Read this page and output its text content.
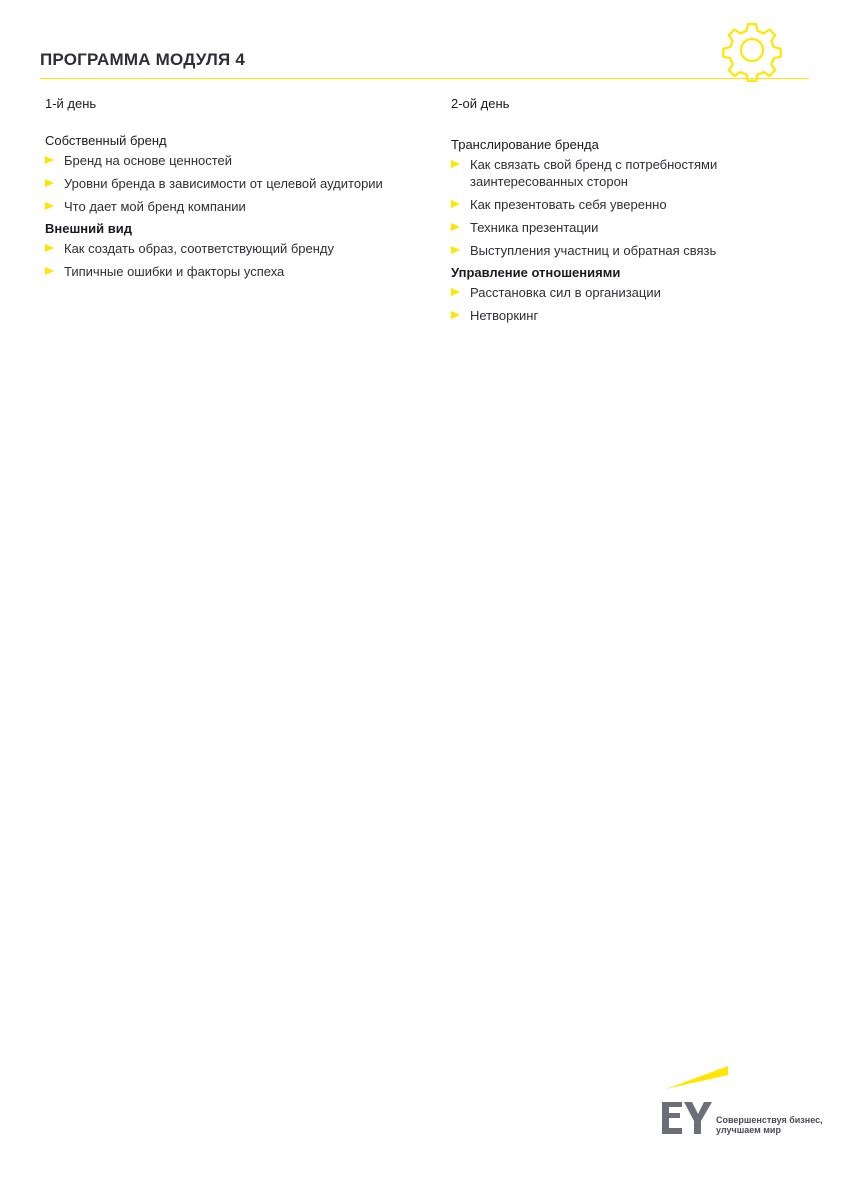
ПРОГРАММА МОДУЛЯ 4
1-й день
Собственный бренд
Бренд на основе ценностей
Уровни бренда в зависимости от целевой аудитории
Что дает мой бренд компании
Внешний вид
Как создать образ, соответствующий бренду
Типичные ошибки и факторы успеха
2-ой день
Транслирование бренда
Как связать свой бренд с потребностями заинтересованных сторон
Как презентовать себя уверенно
Техника презентации
Выступления участниц и обратная связь
Управление отношениями
Расстановка сил в организации
Нетворкинг
Совершенствуя бизнес, улучшаем мир
